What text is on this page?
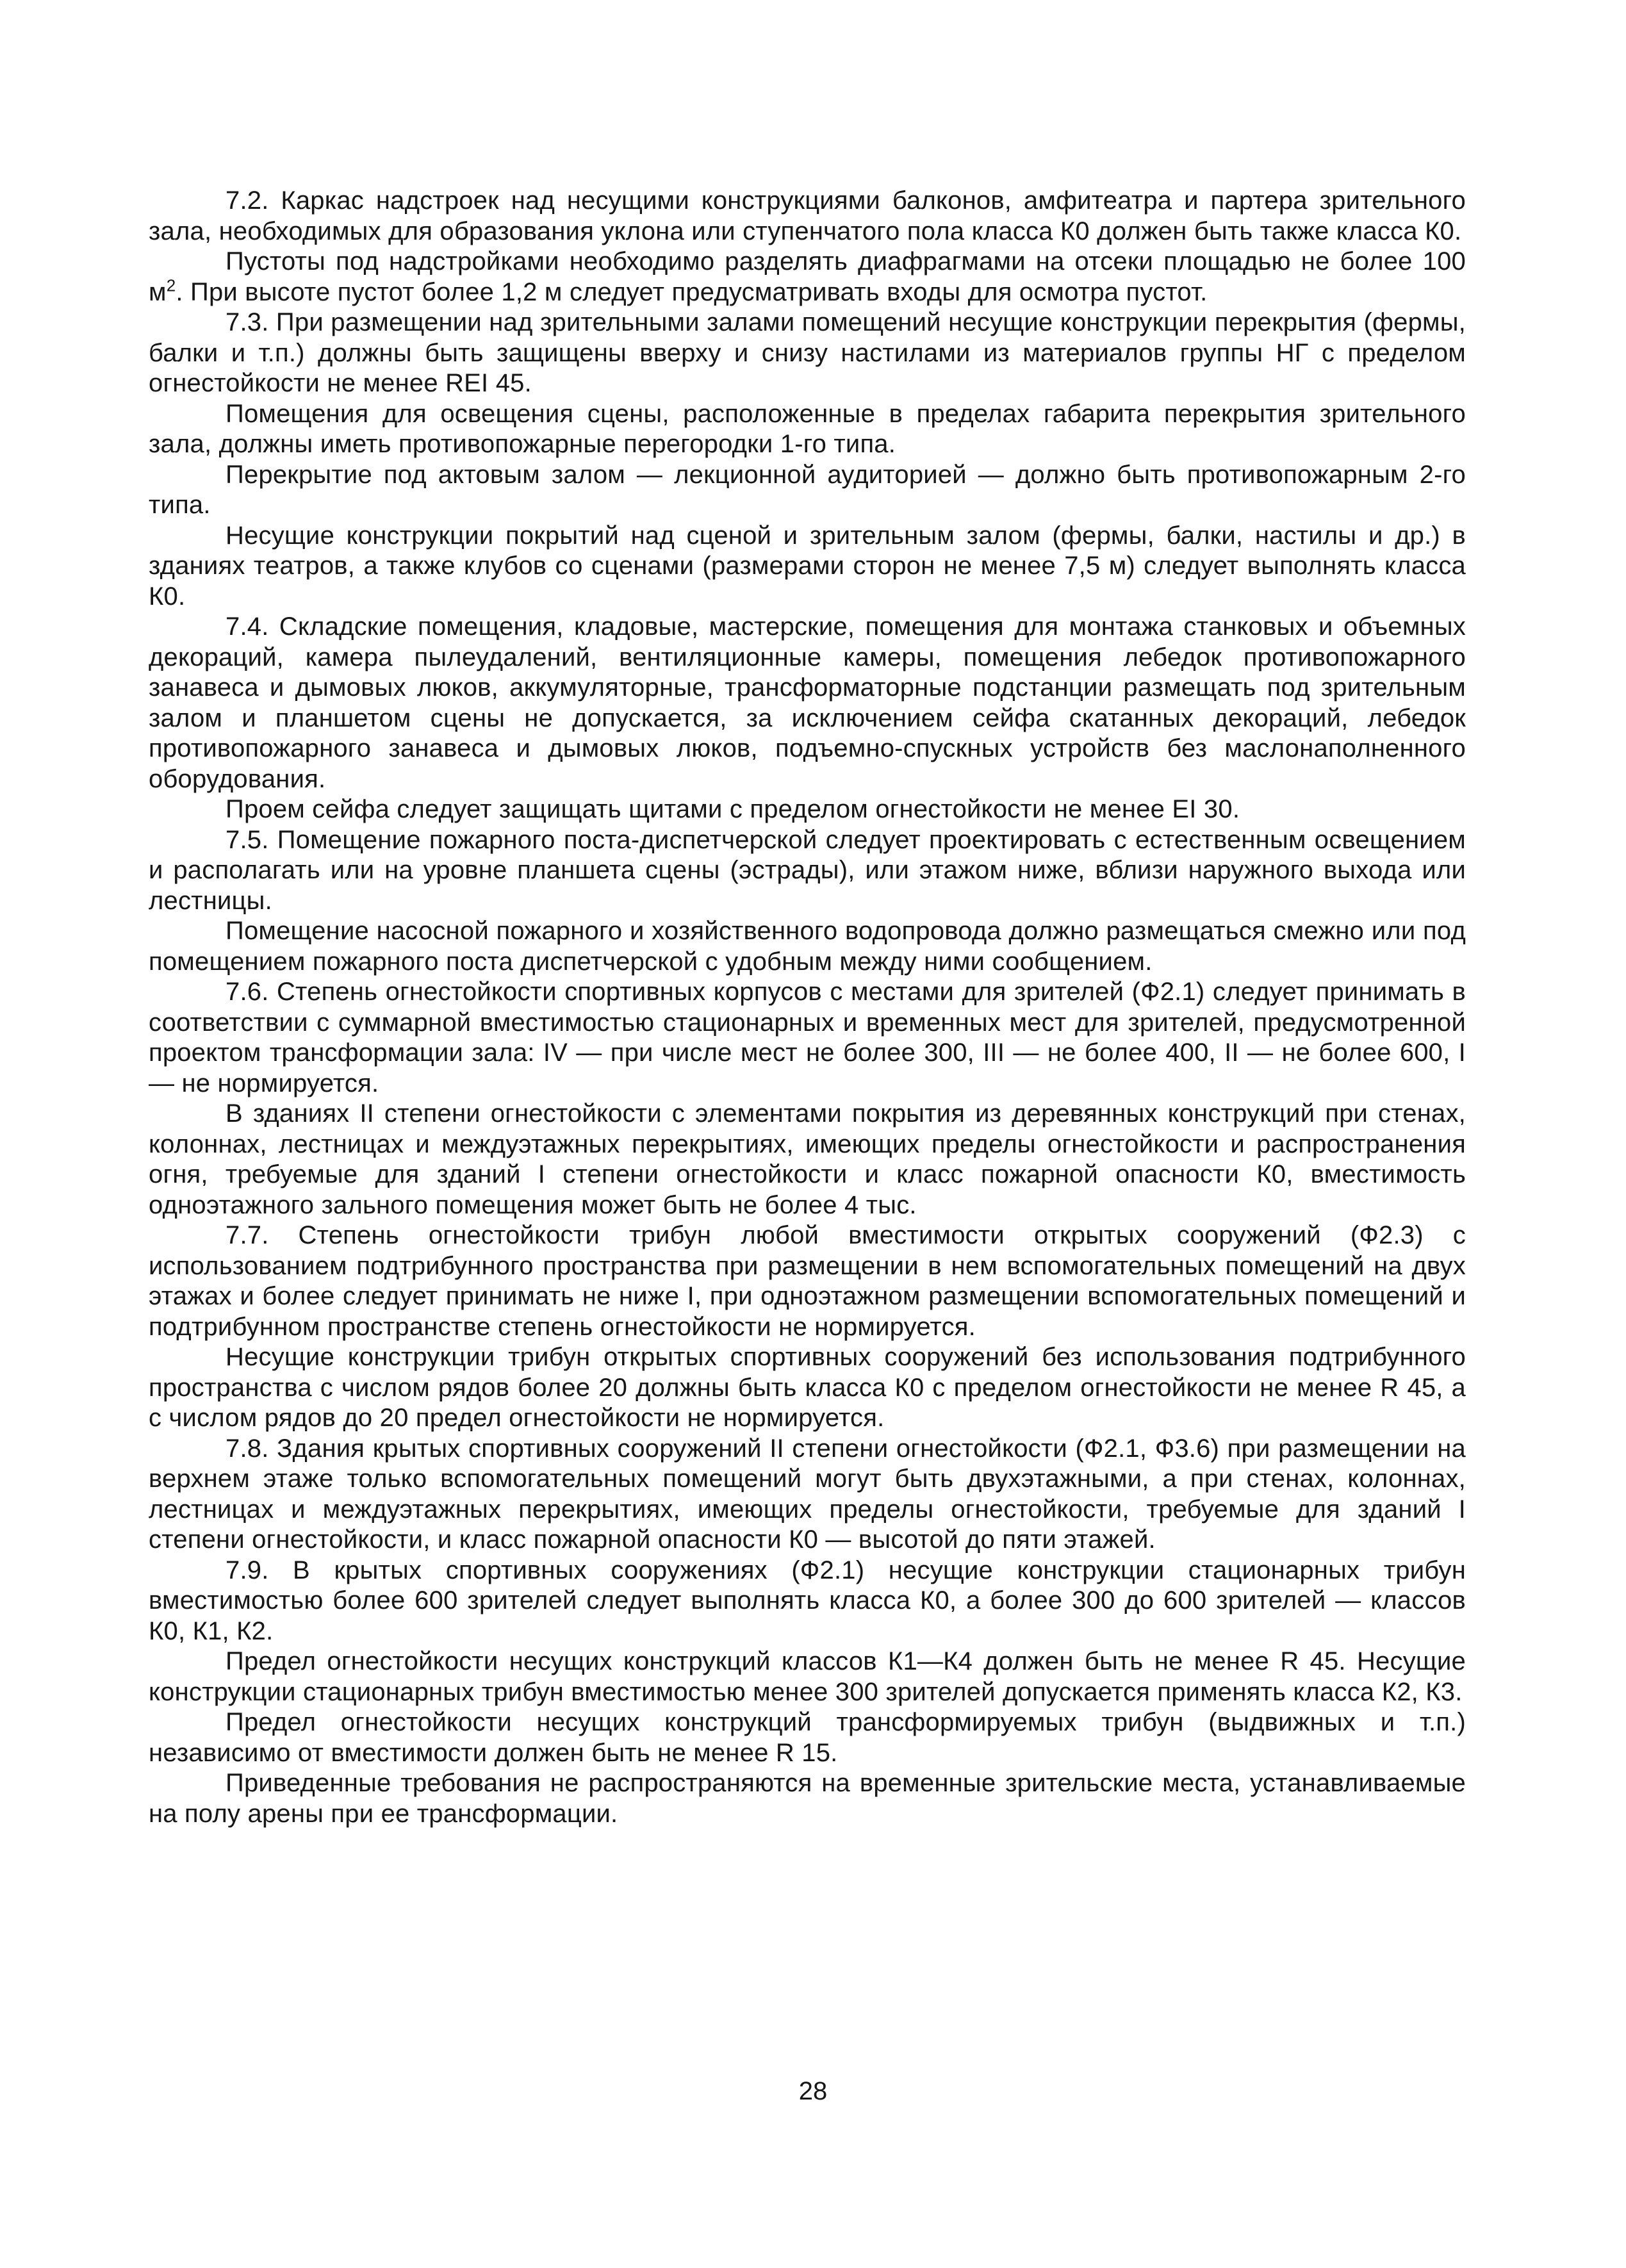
7.2. Каркас надстроек над несущими конструкциями балконов, амфитеатра и партера зрительного зала, необходимых для образования уклона или ступенчатого пола класса К0 должен быть также класса К0.

Пустоты под надстройками необходимо разделять диафрагмами на отсеки площадью не более 100 $м^2$. При высоте пустот более 1,2 м следует предусматривать входы для осмотра пустот.

7.3. При размещении над зрительными залами помещений несущие конструкции перекрытия (фермы, балки и т.п.) должны быть защищены вверху и снизу настилами из материалов группы НГ с пределом огнестойкости не менее REI 45.

Помещения для освещения сцены, расположенные в пределах габарита перекрытия зрительного зала, должны иметь противопожарные перегородки 1-го типа.

Перекрытие под актовым залом — лекционной аудиторией — должно быть противопожарным 2-го типа.

Несущие конструкции покрытий над сценой и зрительным залом (фермы, балки, настилы и др.) в зданиях театров, а также клубов со сценами (размерами сторон не менее 7,5 м) следует выполнять класса К0.

7.4. Складские помещения, кладовые, мастерские, помещения для монтажа станковых и объемных декораций, камера пылеудалений, вентиляционные камеры, помещения лебедок противопожарного занавеса и дымовых люков, аккумуляторные, трансформаторные подстанции размещать под зрительным залом и планшетом сцены не допускается, за исключением сейфа скатанных декораций, лебедок противопожарного занавеса и дымовых люков, подъемно-спускных устройств без маслонаполненного оборудования.

Проем сейфа следует защищать щитами с пределом огнестойкости не менее EI 30.

7.5. Помещение пожарного поста-диспетчерской следует проектировать с естественным освещением и располагать или на уровне планшета сцены (эстрады), или этажом ниже, вблизи наружного выхода или лестницы.

Помещение насосной пожарного и хозяйственного водопровода должно размещаться смежно или под помещением пожарного поста диспетчерской с удобным между ними сообщением.

7.6. Степень огнестойкости спортивных корпусов с местами для зрителей (Ф2.1) следует принимать в соответствии с суммарной вместимостью стационарных и временных мест для зрителей, предусмотренной проектом трансформации зала: IV — при числе мест не более 300, III — не более 400, II — не более 600, I — не нормируется.

В зданиях II степени огнестойкости с элементами покрытия из деревянных конструкций при стенах, колоннах, лестницах и междуэтажных перекрытиях, имеющих пределы огнестойкости и распространения огня, требуемые для зданий I степени огнестойкости и класс пожарной опасности К0, вместимость одноэтажного зального помещения может быть не более 4 тыс.

7.7. Степень огнестойкости трибун любой вместимости открытых сооружений (Ф2.3) с использованием подтрибунного пространства при размещении в нем вспомогательных помещений на двух этажах и более следует принимать не ниже I, при одноэтажном размещении вспомогательных помещений и подтрибунном пространстве степень огнестойкости не нормируется.

Несущие конструкции трибун открытых спортивных сооружений без использования подтрибунного пространства с числом рядов более 20 должны быть класса К0 с пределом огнестойкости не менее R 45, а с числом рядов до 20 предел огнестойкости не нормируется.

7.8. Здания крытых спортивных сооружений II степени огнестойкости (Ф2.1, Ф3.6) при размещении на верхнем этаже только вспомогательных помещений могут быть двухэтажными, а при стенах, колоннах, лестницах и междуэтажных перекрытиях, имеющих пределы огнестойкости, требуемые для зданий I степени огнестойкости, и класс пожарной опасности К0 — высотой до пяти этажей.

7.9. В крытых спортивных сооружениях (Ф2.1) несущие конструкции стационарных трибун вместимостью более 600 зрителей следует выполнять класса К0, а более 300 до 600 зрителей — классов К0, К1, К2.

Предел огнестойкости несущих конструкций классов К1—К4 должен быть не менее R 45. Несущие конструкции стационарных трибун вместимостью менее 300 зрителей допускается применять класса К2, К3.

Предел огнестойкости несущих конструкций трансформируемых трибун (выдвижных и т.п.) независимо от вместимости должен быть не менее R 15.

Приведенные требования не распространяются на временные зрительские места, устанавливаемые на полу арены при ее трансформации.

28
